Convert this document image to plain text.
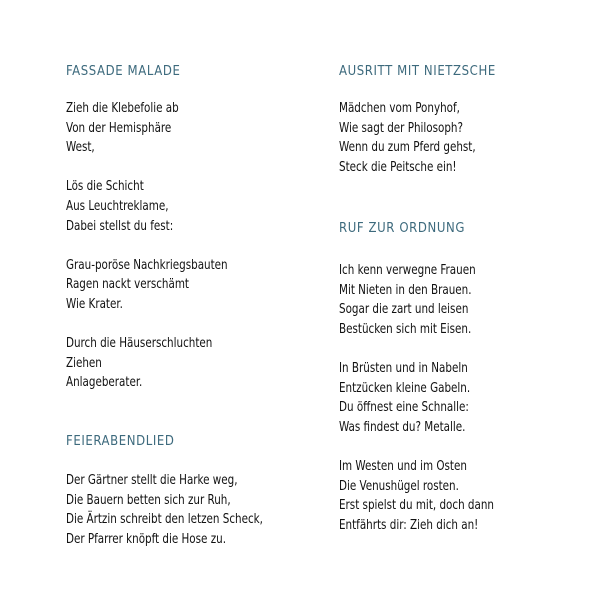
FASSADE MALADE
Zieh die Klebefolie ab
Von der Hemisphäre
West,
Lös die Schicht
Aus Leuchtreklame,
Dabei stellst du fest:
Grau-poröse Nachkriegsbauten
Ragen nackt verschämt
Wie Krater.
Durch die Häuserschluchten
Ziehen
Anlageberater.
FEIERABENDLIED
Der Gärtner stellt die Harke weg,
Die Bauern betten sich zur Ruh,
Die Ärtzin schreibt den letzen Scheck,
Der Pfarrer knöpft die Hose zu.
AUSRITT MIT NIETZSCHE
Mädchen vom Ponyhof,
Wie sagt der Philosoph?
Wenn du zum Pferd gehst,
Steck die Peitsche ein!
RUF ZUR ORDNUNG
Ich kenn verwegne Frauen
Mit Nieten in den Brauen.
Sogar die zart und leisen
Bestücken sich mit Eisen.
In Brüsten und in Nabeln
Entzücken kleine Gabeln.
Du öffnest eine Schnalle:
Was findest du? Metalle.
Im Westen und im Osten
Die Venushügel rosten.
Erst spielst du mit, doch dann
Entfährts dir: Zieh dich an!
